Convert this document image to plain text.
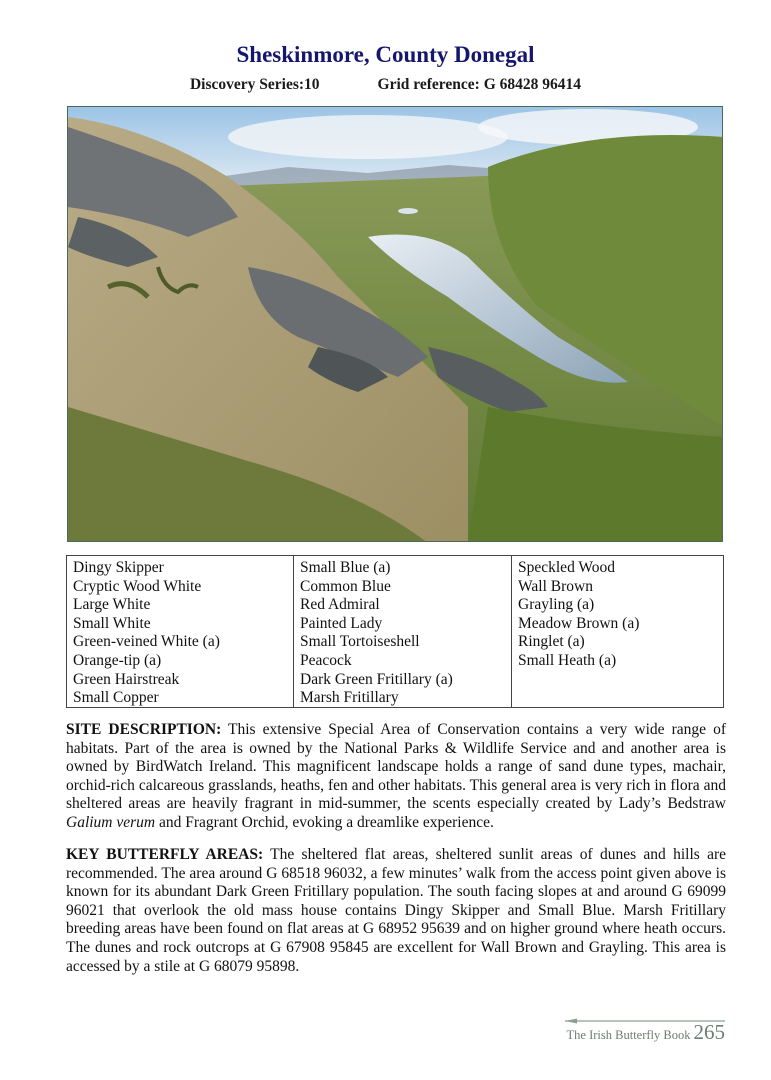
Sheskinmore, County Donegal
Discovery Series:10	Grid reference: G 68428 96414
Dingy Skipper
Cryptic Wood White
Large White
Small White
Green-veined White (a)
Orange-tip (a)
Green Hairstreak
Small Copper
Small Blue (a)
Common Blue
Red Admiral
Painted Lady
Small Tortoiseshell
Peacock
Dark Green Fritillary (a)
Marsh Fritillary
Speckled Wood
Wall Brown
Grayling (a)
Meadow Brown (a)
Ringlet (a)
Small Heath (a)
SITE DESCRIPTION: This extensive Special Area of Conservation contains a very wide range of habitats. Part of the area is owned by the National Parks & Wildlife Service and and another area is owned by BirdWatch Ireland. This magnificent landscape holds a range of sand dune types, machair, orchid-rich calcareous grasslands, heaths, fen and other habitats. This general area is very rich in flora and sheltered areas are heavily fragrant in mid-summer, the scents especially created by Lady’s Bedstraw Galium verum and Fragrant Orchid, evoking a dreamlike experience.
KEY BUTTERFLY AREAS: The sheltered flat areas, sheltered sunlit areas of dunes and hills are recommended. The area around G 68518 96032, a few minutes’ walk from the access point given above is known for its abundant Dark Green Fritillary population. The south facing slopes at and around G 69099 96021 that overlook the old mass house contains Dingy Skipper and Small Blue. Marsh Fritillary breeding areas have been found on flat areas at G 68952 95639 and on higher ground where heath occurs. The dunes and rock outcrops at G 67908 95845 are excellent for Wall Brown and Grayling. This area is accessed by a stile at G 68079 95898.
The Irish Butterfly Book 265
